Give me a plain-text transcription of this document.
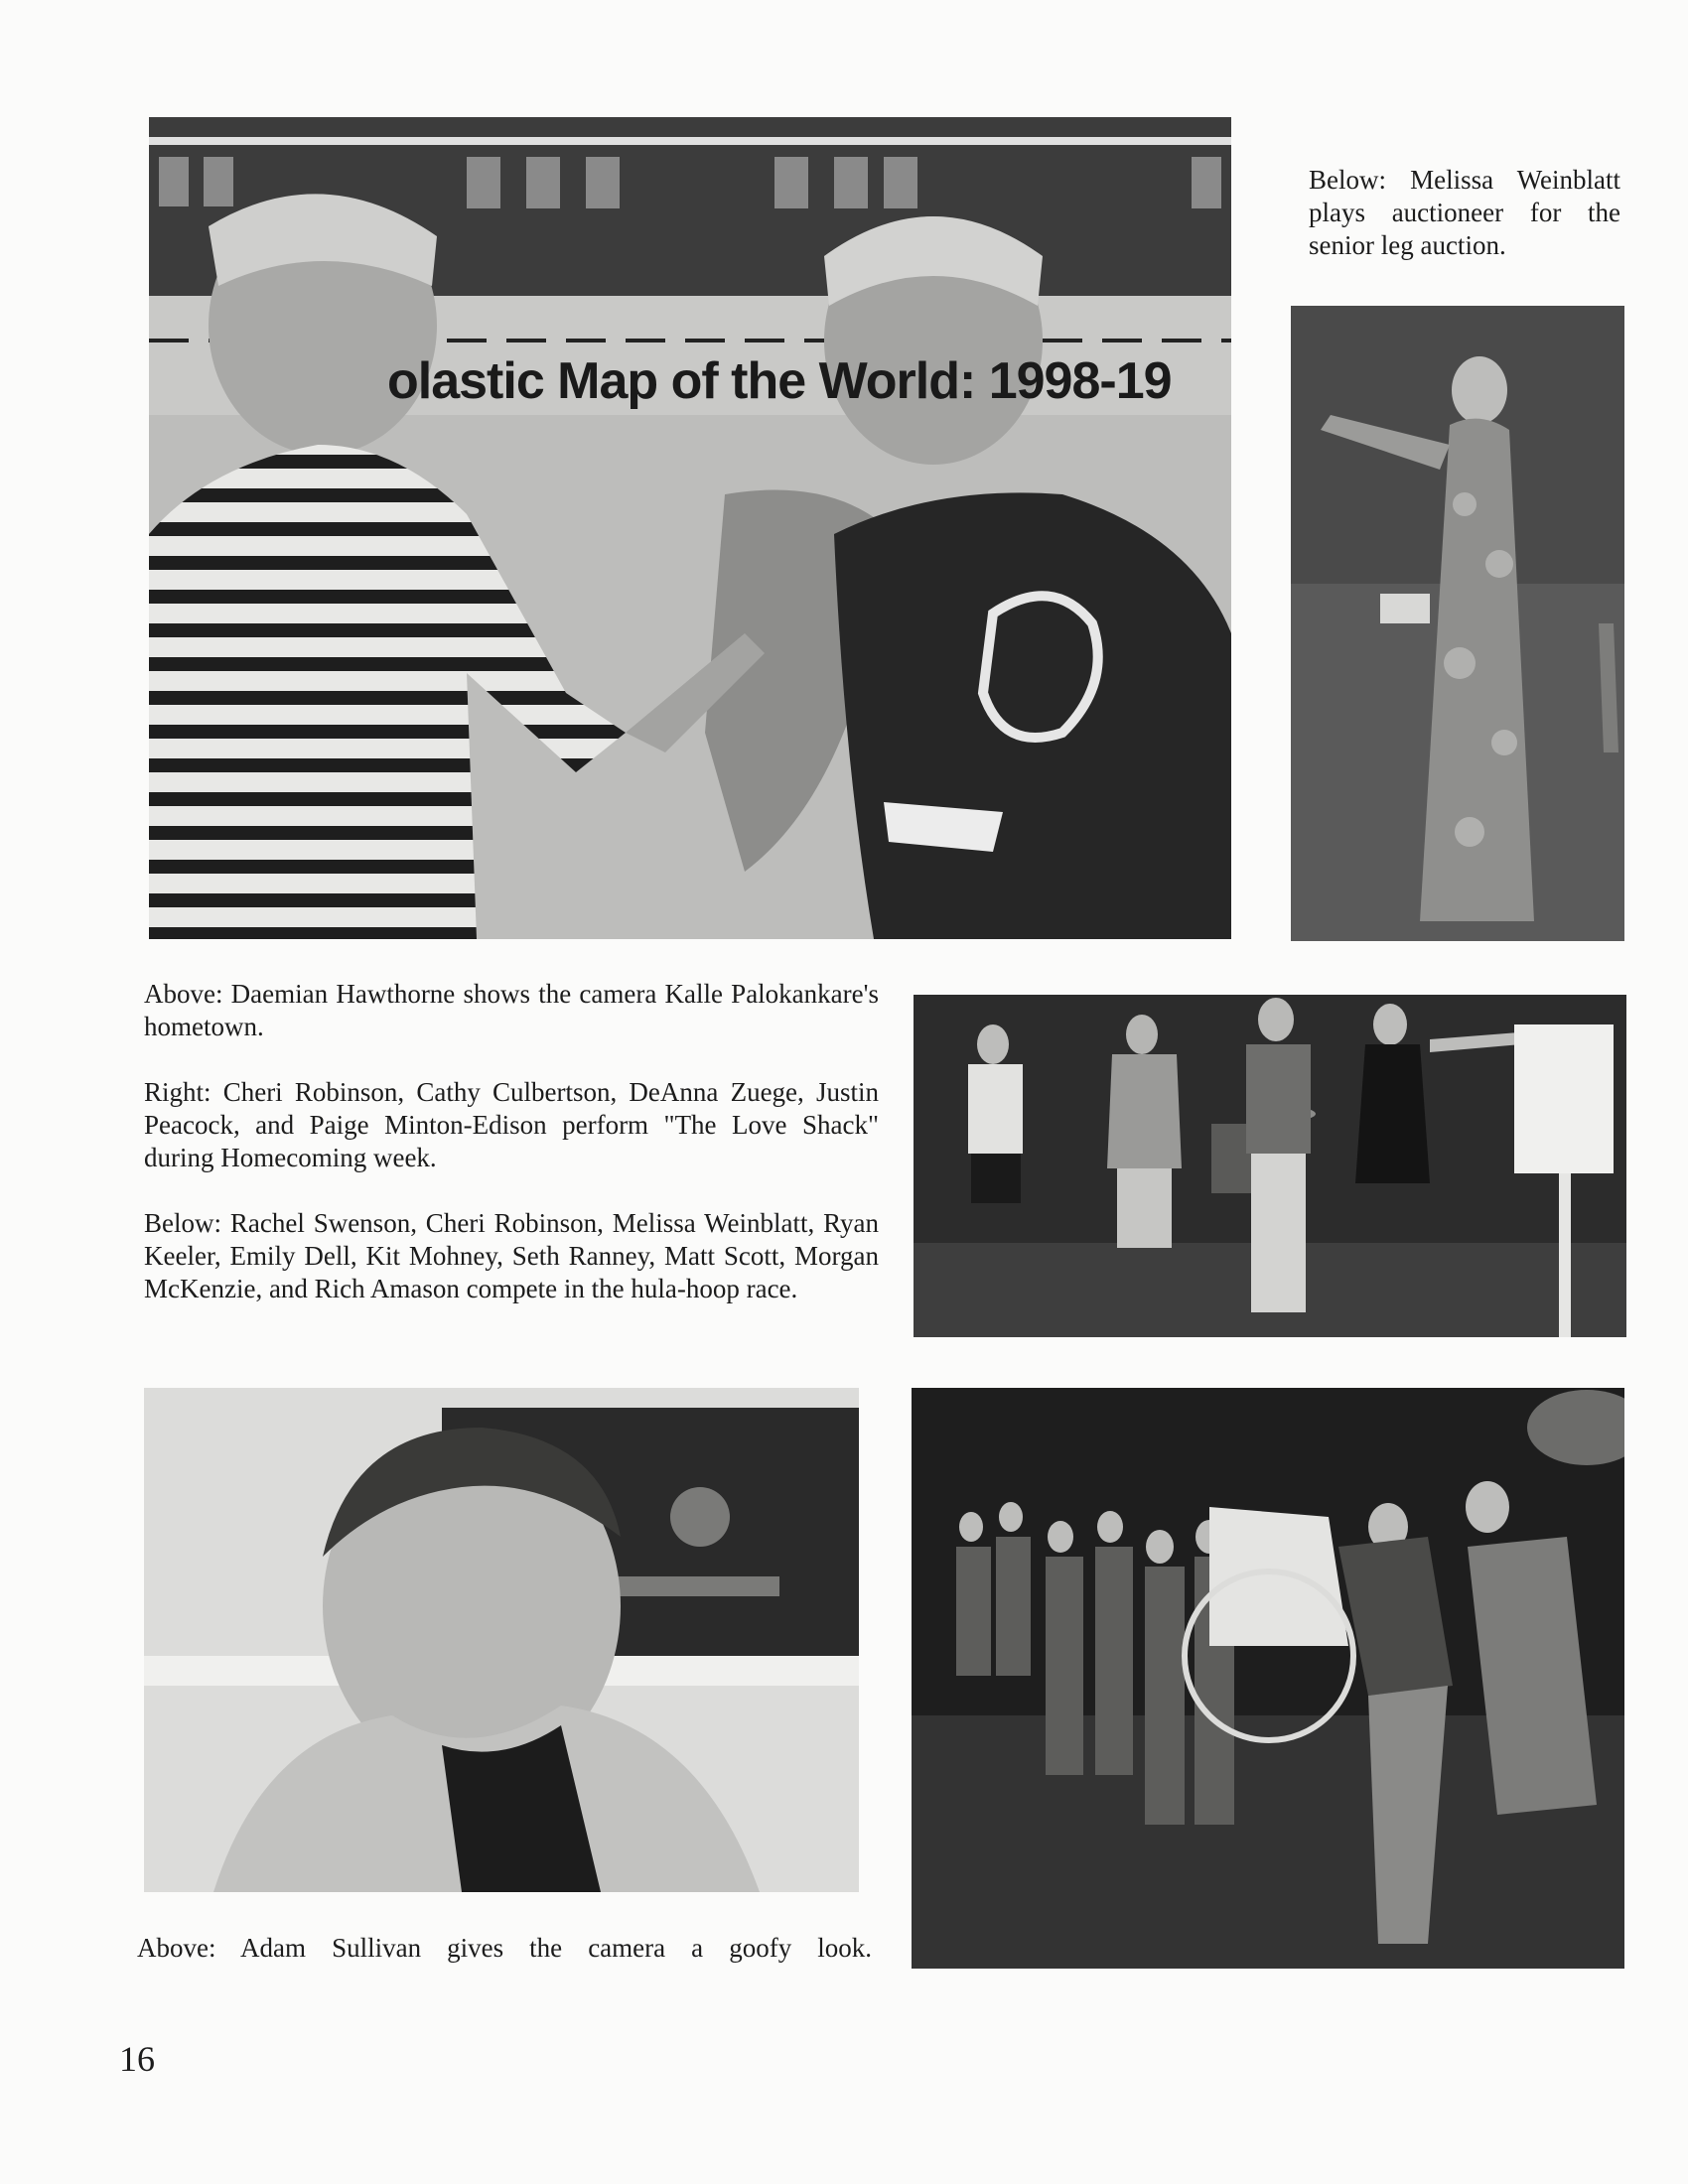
olastic Map of the World: 1998-19
Below: Melissa Weinblatt plays auctioneer for the senior leg auction.

Above: Daemian Hawthorne shows the camera Kalle Palokankare's hometown.

Right: Cheri Robinson, Cathy Culbertson, DeAnna Zuege, Justin Peacock, and Paige Minton-Edison perform "The Love Shack" during Homecoming week.

Below: Rachel Swenson, Cheri Robinson, Melissa Weinblatt, Ryan Keeler, Emily Dell, Kit Mohney, Seth Ranney, Matt Scott, Morgan McKenzie, and Rich Amason compete in the hula-hoop race.

Above: Adam Sullivan gives the camera a goofy look.
16
